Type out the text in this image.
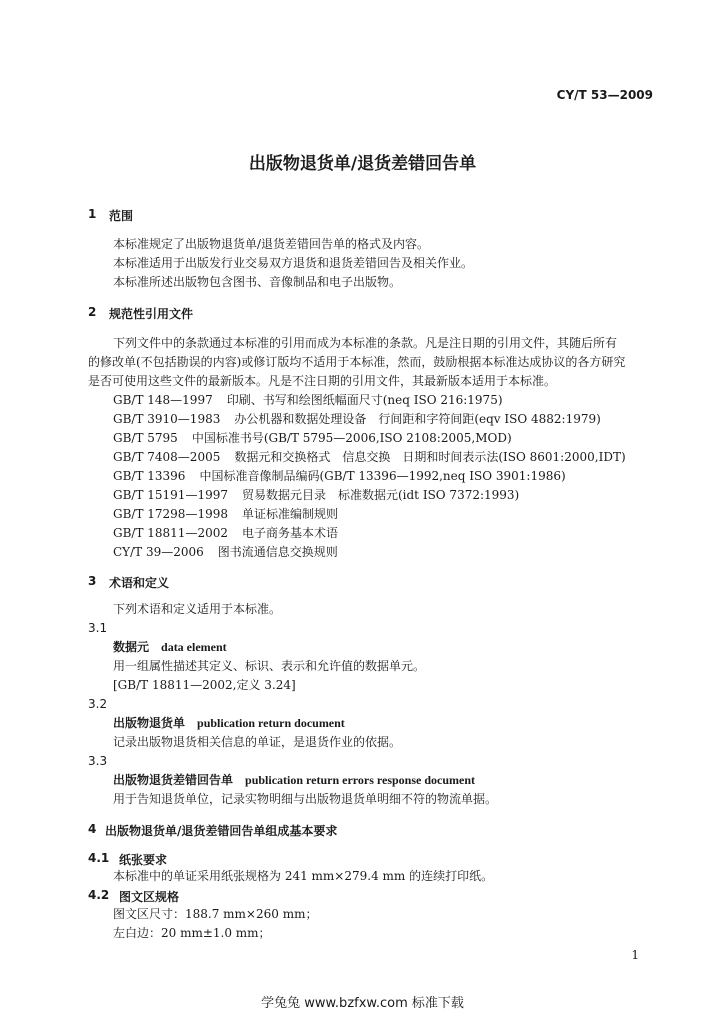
CY/T 53—2009
出版物退货单/退货差错回告单
1 范围
本标准规定了出版物退货单/退货差错回告单的格式及内容。
本标准适用于出版发行业交易双方退货和退货差错回告及相关作业。
本标准所述出版物包含图书、音像制品和电子出版物。
2 规范性引用文件
下列文件中的条款通过本标准的引用而成为本标准的条款。凡是注日期的引用文件，其随后所有
的修改单(不包括勘误的内容)或修订版均不适用于本标准，然而，鼓励根据本标准达成协议的各方研究
是否可使用这些文件的最新版本。凡是不注日期的引用文件，其最新版本适用于本标准。
GB/T 148—1997 印刷、书写和绘图纸幅面尺寸(neq ISO 216:1975)
GB/T 3910—1983 办公机器和数据处理设备　行间距和字符间距(eqv ISO 4882:1979)
GB/T 5795 中国标准书号(GB/T 5795—2006,ISO 2108:2005,MOD)
GB/T 7408—2005 数据元和交换格式　信息交换　日期和时间表示法(ISO 8601:2000,IDT)
GB/T 13396 中国标准音像制品编码(GB/T 13396—1992,neq ISO 3901:1986)
GB/T 15191—1997 贸易数据元目录　标准数据元(idt ISO 7372:1993)
GB/T 17298—1998 单证标准编制规则
GB/T 18811—2002 电子商务基本术语
CY/T 39—2006 图书流通信息交换规则
3 术语和定义
下列术语和定义适用于本标准。
3.1
数据元 data element
用一组属性描述其定义、标识、表示和允许值的数据单元。
[GB/T 18811—2002,定义 3.24]
3.2
出版物退货单 publication return document
记录出版物退货相关信息的单证，是退货作业的依据。
3.3
出版物退货差错回告单 publication return errors response document
用于告知退货单位，记录实物明细与出版物退货单明细不符的物流单据。
4 出版物退货单/退货差错回告单组成基本要求
4.1 纸张要求
本标准中的单证采用纸张规格为 241 mm×279.4 mm 的连续打印纸。
4.2 图文区规格
图文区尺寸：188.7 mm×260 mm；
左白边：20 mm±1.0 mm；
1
学兔兔 www.bzfxw.com 标准下载
